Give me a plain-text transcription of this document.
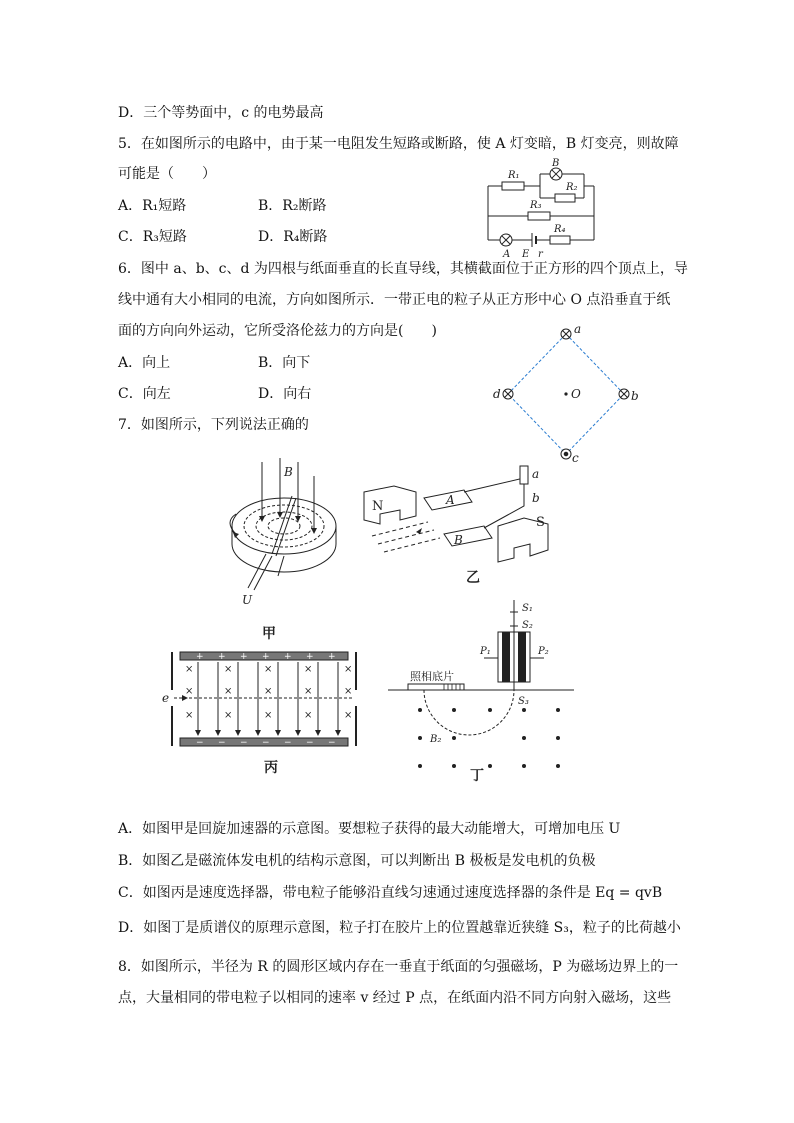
D．三个等势面中，c 的电势最高
5．在如图所示的电路中，由于某一电阻发生短路或断路，使 A 灯变暗，B 灯变亮，则故障
可能是（　　）
A．R₁短路	B．R₂断路
C．R₃短路	D．R₄断路
6．图中 a、b、c、d 为四根与纸面垂直的长直导线，其横截面位于正方形的四个顶点上，导
线中通有大小相同的电流，方向如图所示．一带正电的粒子从正方形中心 O 点沿垂直于纸
面的方向向外运动，它所受洛伦兹力的方向是(　　)
A．向上	B．向下
C．向左	D．向右
7．如图所示，下列说法正确的
A．如图甲是回旋加速器的示意图。要想粒子获得的最大动能增大，可增加电压 U
B．如图乙是磁流体发电机的结构示意图，可以判断出 B 极板是发电机的负极
C．如图丙是速度选择器，带电粒子能够沿直线匀速通过速度选择器的条件是 Eq = qvB
D．如图丁是质谱仪的原理示意图，粒子打在胶片上的位置越靠近狭缝 S₃，粒子的比荷越小
8．如图所示，半径为 R 的圆形区域内存在一垂直于纸面的匀强磁场，P 为磁场边界上的一
点，大量相同的带电粒子以相同的速率 v 经过 P 点，在纸面内沿不同方向射入磁场，这些
R₁
R₂
R₃
R₄
B
A E r
a
b
c
d	O
B
U
甲
N
S
A
B
a
b
乙
+ + + + + + +
− − − − − − −
×	×	×	×	×
×	×	×	×	×
×	×	×	×	×
e
丙
S₁
S₂
S₃
P₁	P₂
B₂
照相底片
丁
